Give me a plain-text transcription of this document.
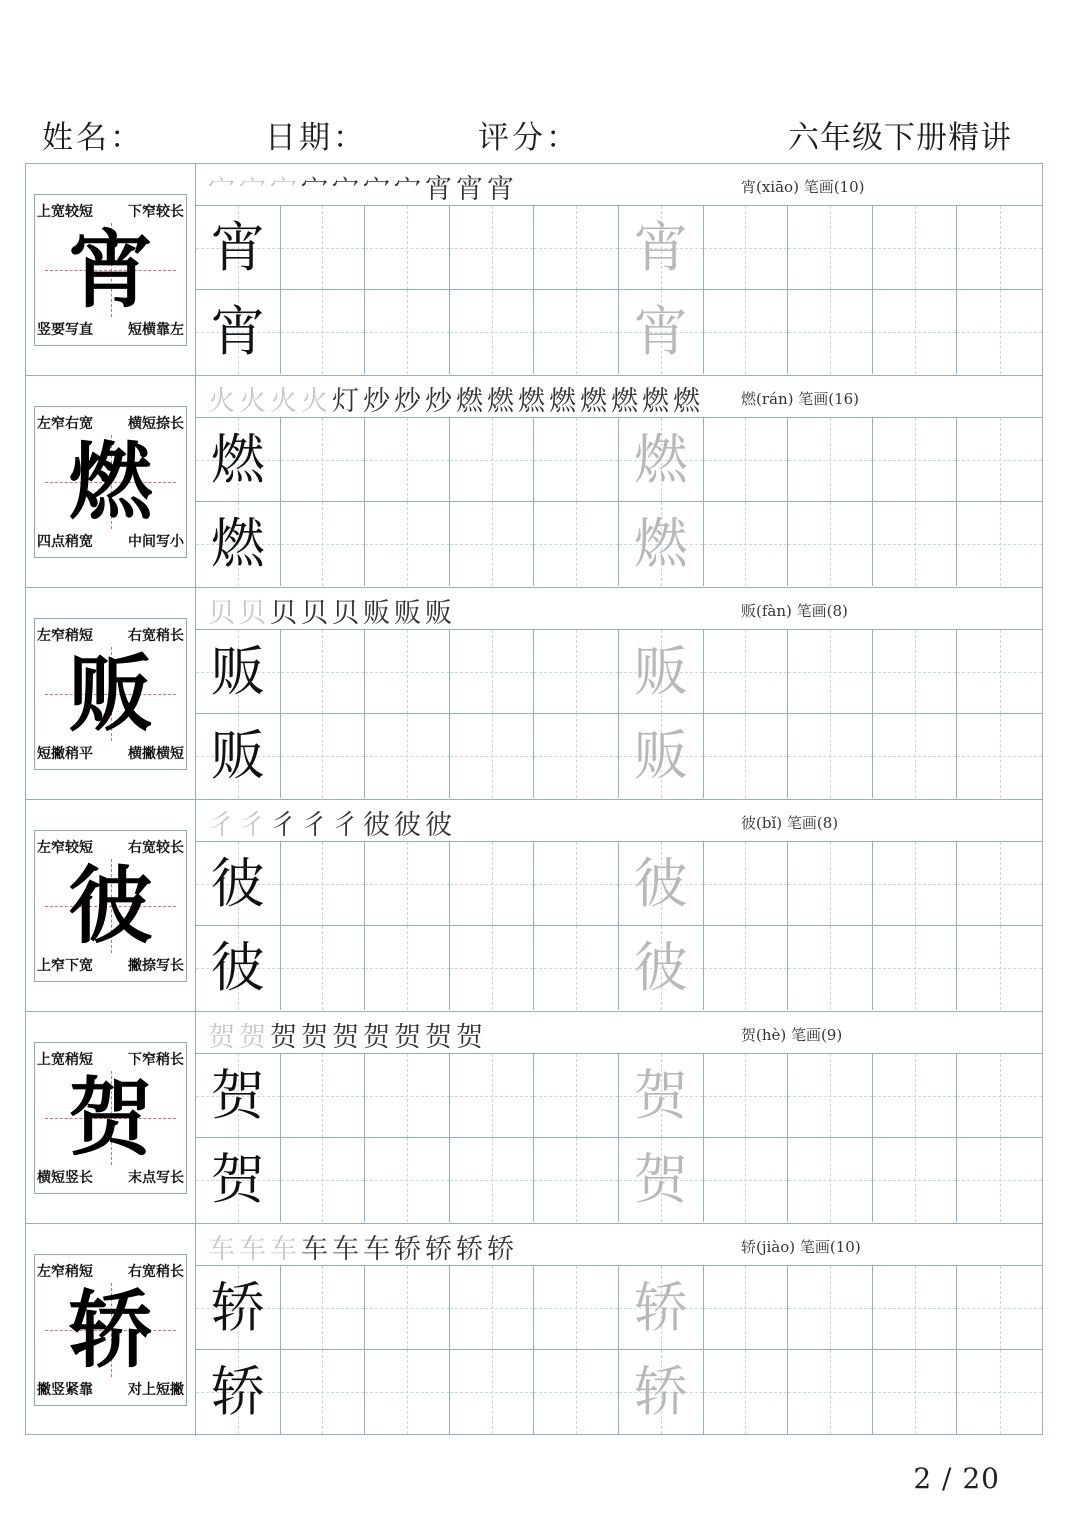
姓名：	日期：	评分：	六年级下册精讲
上宽较短	下窄较长
竖要写直	短横靠左
宵
宀宀宀宀宀宀宀宵宵宵	宵(xiāo) 笔画(10)
宵	宵
宵	宵
左窄右宽	横短捺长
四点稍宽	中间写小
燃
火火火火灯炒炒炒燃燃燃燃燃燃燃燃 燃(rán) 笔画(16)
燃	燃
燃	燃
左窄稍短	右宽稍长
短撇稍平	横撇横短
贩
贝贝贝贝贝贩贩贩	贩(fàn) 笔画(8)
贩	贩
贩	贩
左窄较短	右宽较长
上窄下宽	撇捺写长
彼
彳彳彳彳彳彼彼彼	彼(bǐ) 笔画(8)
彼	彼
彼	彼
上宽稍短	下窄稍长
横短竖长	末点写长
贺
贺贺贺贺贺贺贺贺贺	贺(hè) 笔画(9)
贺	贺
贺	贺
左窄稍短	右宽稍长
撇竖紧靠	对上短撇
轿
车车车车车车轿轿轿轿	轿(jiào) 笔画(10)
轿	轿
轿	轿
2 / 20
